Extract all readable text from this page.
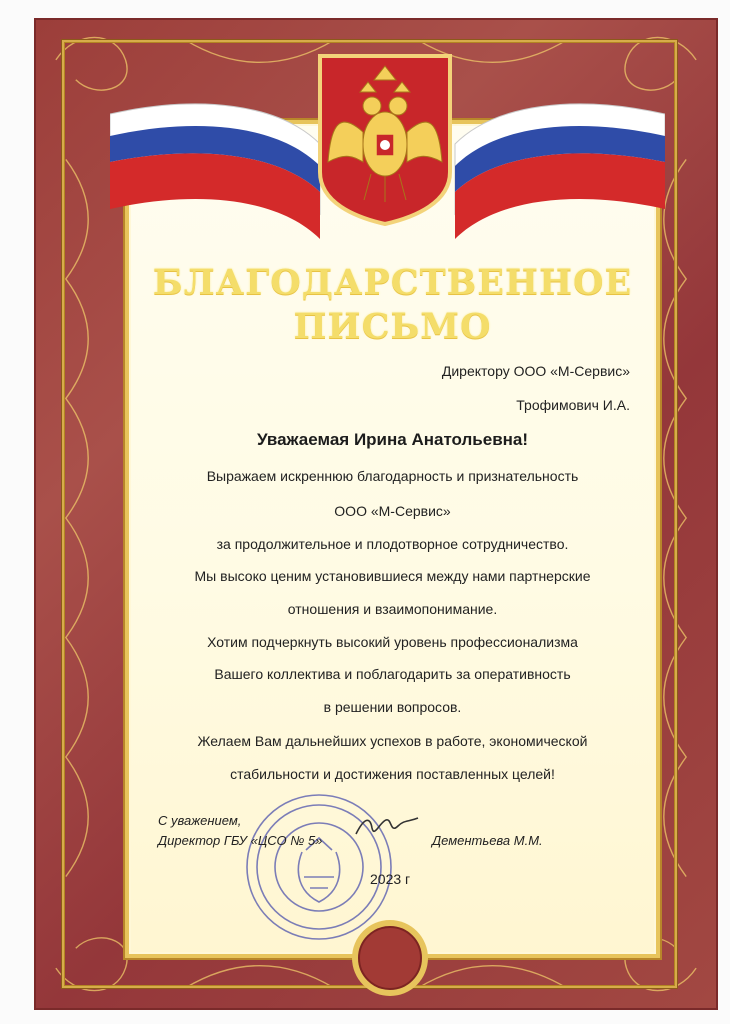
БЛАГОДАРСТВЕННОЕ
ПИСЬМО
Директору ООО «М-Сервис»
Трофимович И.А.
Уважаемая Ирина Анатольевна!
Выражаем искреннюю благодарность и признательность
ООО «М-Сервис»
за продолжительное и плодотворное сотрудничество.
Мы высоко ценим установившиеся между нами партнерские
отношения и взаимопонимание.
Хотим подчеркнуть высокий уровень профессионализма
Вашего коллектива и поблагодарить за оперативность
в решении вопросов.
Желаем Вам дальнейших успехов в работе, экономической
стабильности и достижения поставленных целей!
С уважением,
Директор ГБУ «ЦСО № 5»	Дементьева М.М.
2023 г
